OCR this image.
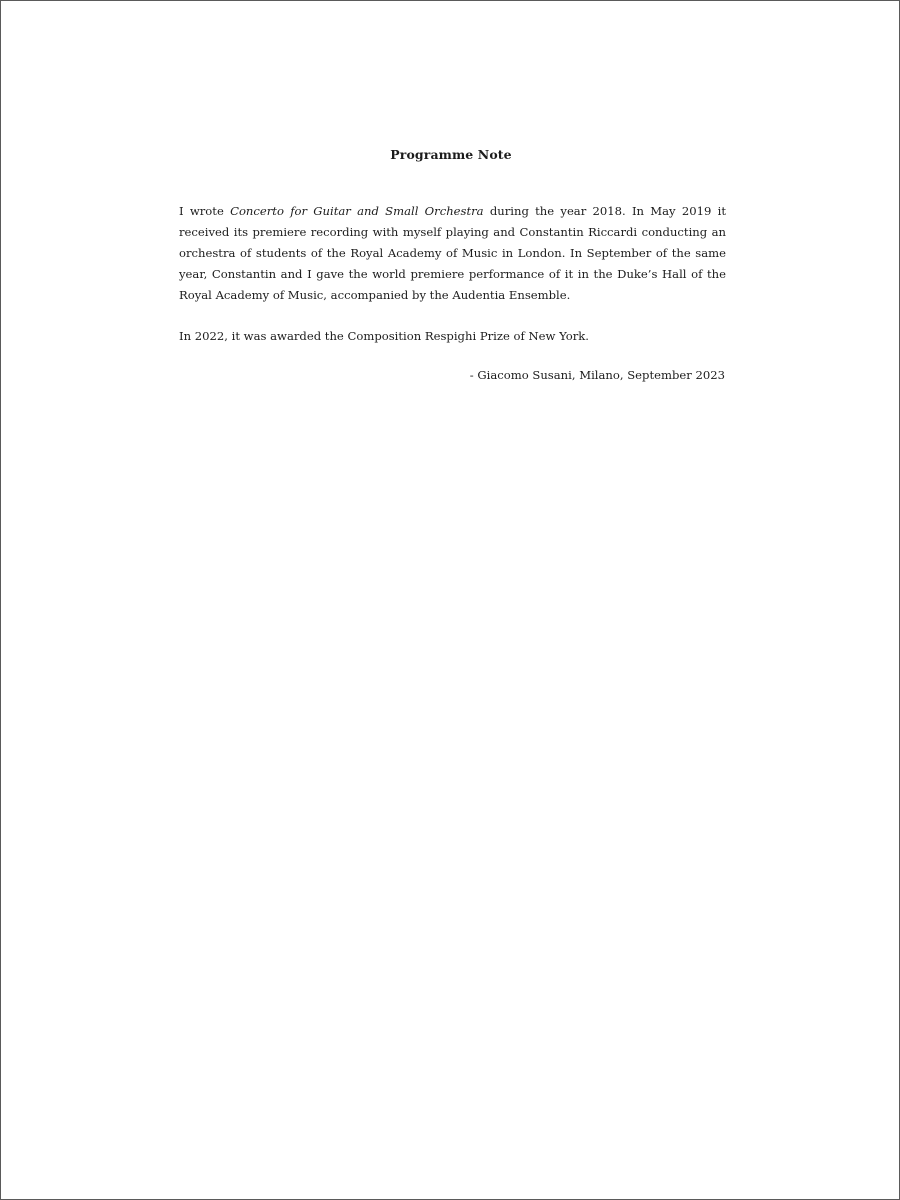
Programme Note

I wrote Concerto for Guitar and Small Orchestra during the year 2018. In May 2019 it received its premiere recording with myself playing and Constantin Riccardi conducting an orchestra of students of the Royal Academy of Music in London. In September of the same year, Constantin and I gave the world premiere performance of it in the Duke’s Hall of the Royal Academy of Music, accompanied by the Audentia Ensemble.

In 2022, it was awarded the Composition Respighi Prize of New York.

- Giacomo Susani, Milano, September 2023
